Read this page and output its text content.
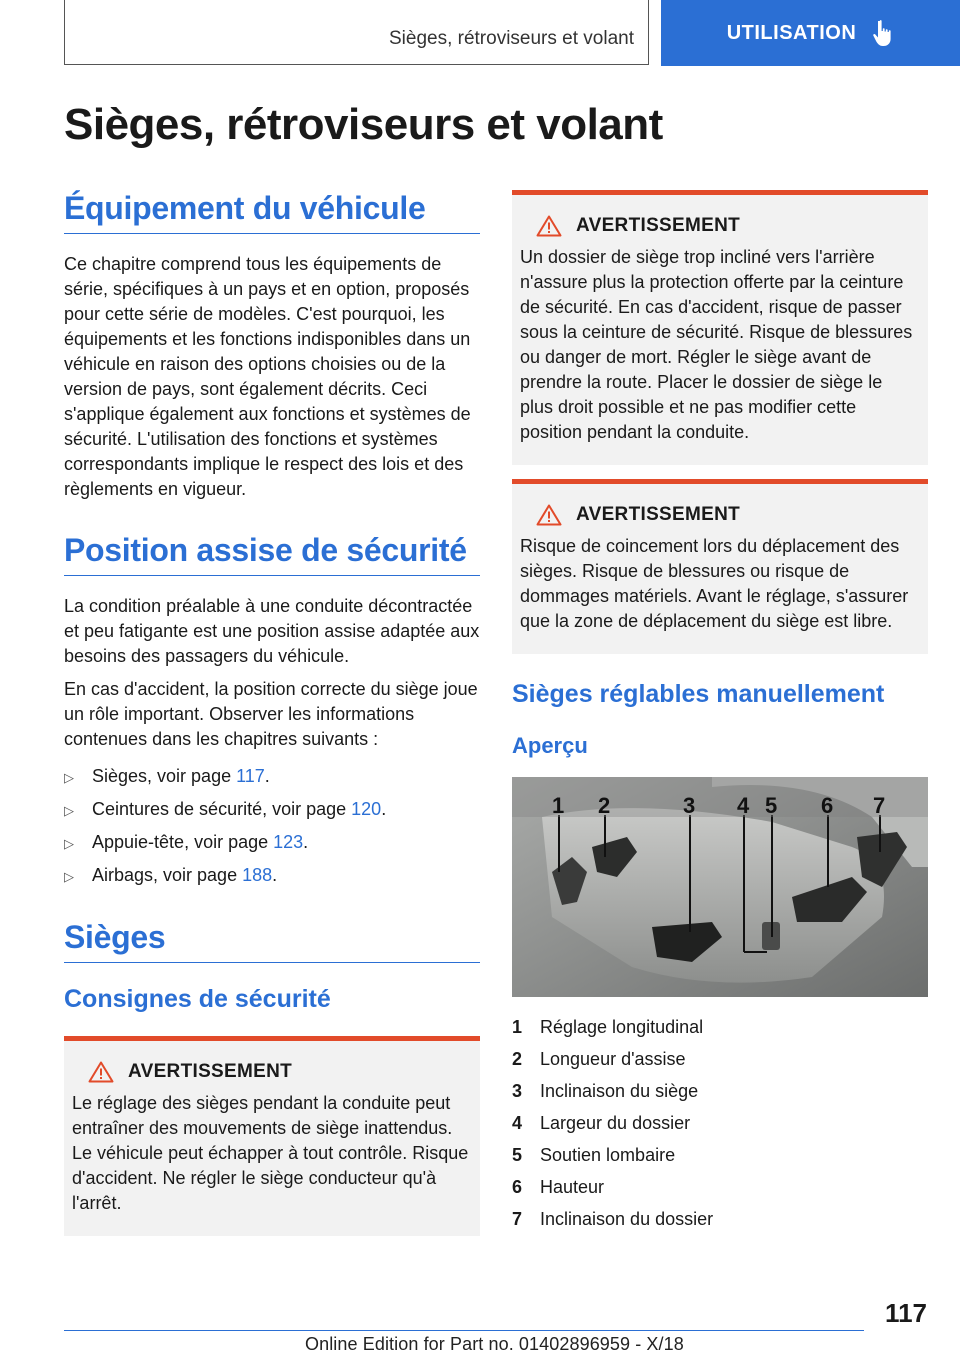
Sièges, rétroviseurs et volant	UTILISATION
Sièges, rétroviseurs et volant
Équipement du véhicule

Ce chapitre comprend tous les équipements de série, spécifiques à un pays et en option, proposés pour cette série de modèles. C'est pourquoi, les équipements et les fonctions indisponibles dans un véhicule en raison des options choisies ou de la version de pays, sont également décrits. Ceci s'applique également aux fonctions et systèmes de sécurité. L'utilisation des fonctions et systèmes correspondants implique le respect des lois et des règlements en vigueur.

Position assise de sécurité

La condition préalable à une conduite décontractée et peu fatigante est une position assise adaptée aux besoins des passagers du véhicule.

En cas d'accident, la position correcte du siège joue un rôle important. Observer les informations contenues dans les chapitres suivants :

▷ Sièges, voir page 117.
▷ Ceintures de sécurité, voir page 120.
▷ Appuie-tête, voir page 123.
▷ Airbags, voir page 188.
Sièges
Consignes de sécurité
AVERTISSEMENT

Le réglage des sièges pendant la conduite peut entraîner des mouvements de siège inattendus. Le véhicule peut échapper à tout contrôle. Risque d'accident. Ne régler le siège conducteur qu'à l'arrêt.

AVERTISSEMENT

Un dossier de siège trop incliné vers l'arrière n'assure plus la protection offerte par la ceinture de sécurité. En cas d'accident, risque de passer sous la ceinture de sécurité. Risque de blessures ou danger de mort. Régler le siège avant de prendre la route. Placer le dossier de siège le plus droit possible et ne pas modifier cette position pendant la conduite.

AVERTISSEMENT

Risque de coincement lors du déplacement des sièges. Risque de blessures ou risque de dommages matériels. Avant le réglage, s'assurer que la zone de déplacement du siège est libre.

Sièges réglables manuellement
Aperçu
1 2	3 4 5 6 7
1 Réglage longitudinal
2 Longueur d'assise
3 Inclinaison du siège
4 Largeur du dossier
5 Soutien lombaire
6 Hauteur
7 Inclinaison du dossier
117
Online Edition for Part no. 01402896959 - X/18
